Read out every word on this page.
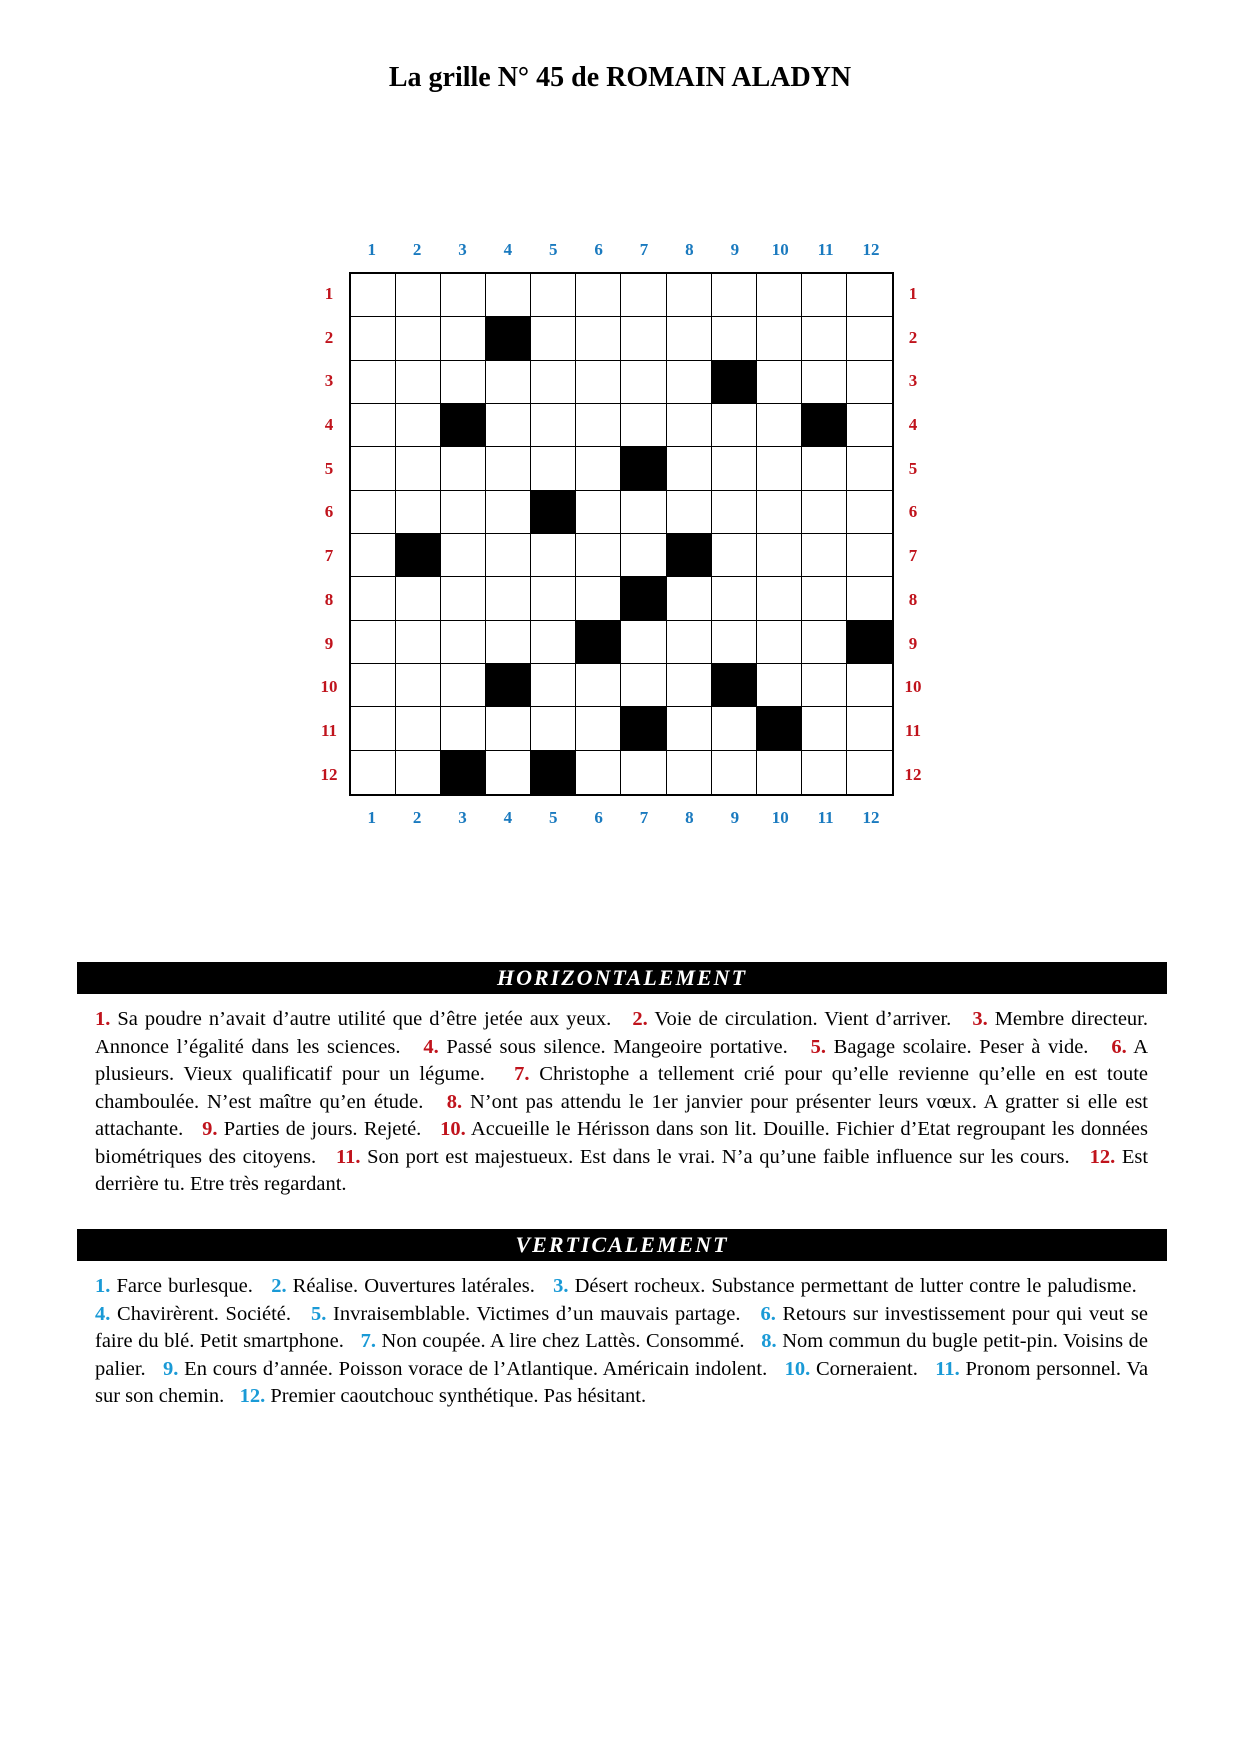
La grille N° 45 de ROMAIN ALADYN
1	2	3	4	5	6	7	8	9	10	11	12
1
2
3
4
5
6
7
8
9
10
11
12
1
2
3
4
5
6
7
8
9
10
11
12
1	2	3	4	5	6	7	8	9	10	11	12
HORIZONTALEMENT
1. Sa poudre n’avait d’autre utilité que d’être jetée aux yeux. 2. Voie de circulation. Vient d’arriver. 3. Membre directeur. Annonce l’égalité dans les sciences. 4. Passé sous silence. Mangeoire portative. 5. Bagage scolaire. Peser à vide. 6. A plusieurs. Vieux qualificatif pour un légume. 7. Christophe a tellement crié pour qu’elle revienne qu’elle en est toute chamboulée. N’est maître qu’en étude. 8. N’ont pas attendu le 1er janvier pour présenter leurs vœux. A gratter si elle est attachante. 9. Parties de jours. Rejeté. 10. Accueille le Hérisson dans son lit. Douille. Fichier d’Etat regroupant les données biométriques des citoyens. 11. Son port est majestueux. Est dans le vrai. N’a qu’une faible influence sur les cours. 12. Est derrière tu. Etre très regardant.
VERTICALEMENT
1. Farce burlesque. 2. Réalise. Ouvertures latérales. 3. Désert rocheux. Substance permettant de lutter contre le paludisme.   4. Chavirèrent. Société. 5. Invraisemblable. Victimes d’un mauvais partage. 6. Retours sur investissement pour qui veut se faire du blé. Petit smartphone. 7. Non coupée. A lire chez Lattès. Consommé. 8. Nom commun du bugle petit-pin. Voisins de palier. 9. En cours d’année. Poisson vorace de l’Atlantique. Américain indolent. 10. Corneraient. 11. Pronom personnel. Va sur son chemin. 12. Premier caoutchouc synthétique. Pas hésitant.
